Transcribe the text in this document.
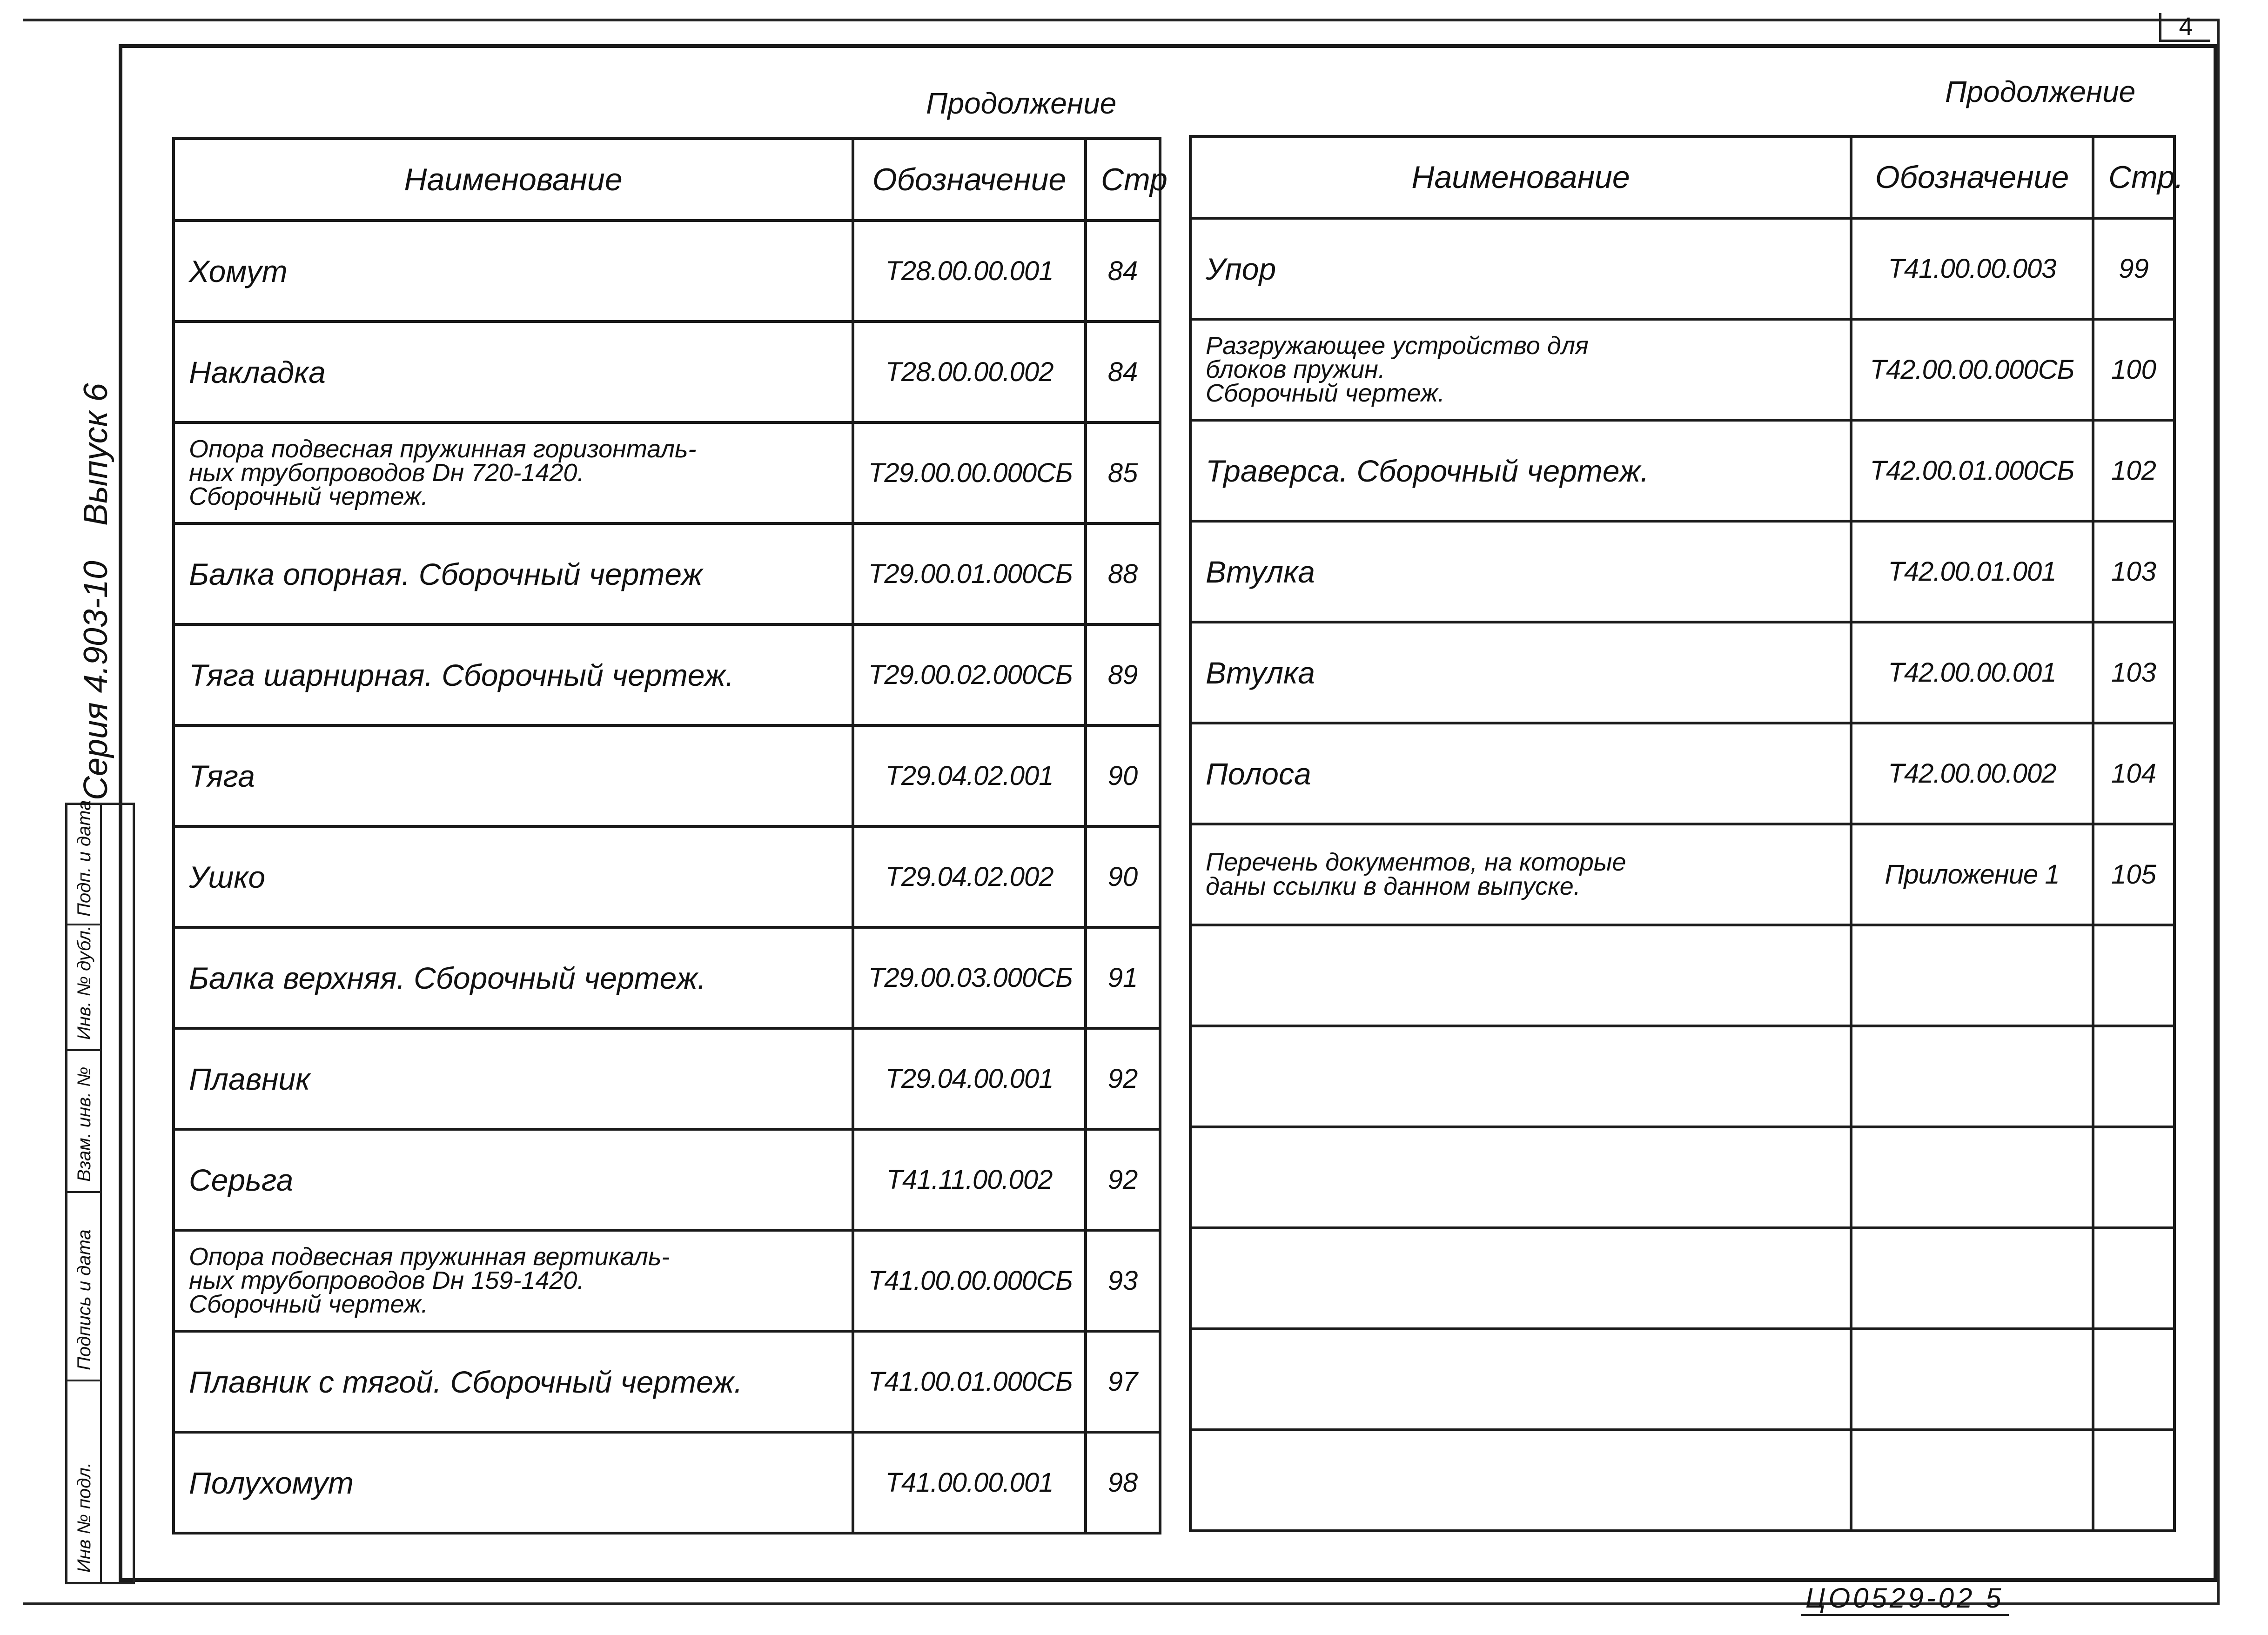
4
Серия 4.903-10
Выпуск 6
Инв № подл.
Подпись и дата
Взам. инв. №
Инв. № дубл.
Подп. и дата
Продолжение	Продолжение
Наименование	Обозначение	Стр
Хомут	Т28.00.00.001	84
Накладка	Т28.00.00.002	84
Опора подвесная пружинная горизонталь-
ных трубопроводов Dн 720-1420.
Сборочный чертеж.	Т29.00.00.000СБ	85
Балка опорная. Сборочный чертеж	Т29.00.01.000СБ	88
Тяга шарнирная. Сборочный чертеж.	Т29.00.02.000СБ	89
Тяга	Т29.04.02.001	90
Ушко	Т29.04.02.002	90
Балка верхняя. Сборочный чертеж.	Т29.00.03.000СБ	91
Плавник	Т29.04.00.001	92
Серьга	Т41.11.00.002	92
Опора подвесная пружинная вертикаль-
ных трубопроводов Dн 159-1420.
Сборочный чертеж.	Т41.00.00.000СБ	93
Плавник с тягой. Сборочный чертеж.	Т41.00.01.000СБ	97
Полухомут	Т41.00.00.001	98
Наименование	Обозначение	Стр.
Упор	Т41.00.00.003	99
Разгружающее устройство для
блоков пружин.
Сборочный чертеж.	Т42.00.00.000СБ	100
Траверса. Сборочный чертеж.	Т42.00.01.000СБ	102
Втулка	Т42.00.01.001	103
Втулка	Т42.00.00.001	103
Полоса	Т42.00.00.002	104
Перечень документов, на которые
даны ссылки в данном выпуске.	Приложение 1	105

ЦО0529-02 5
